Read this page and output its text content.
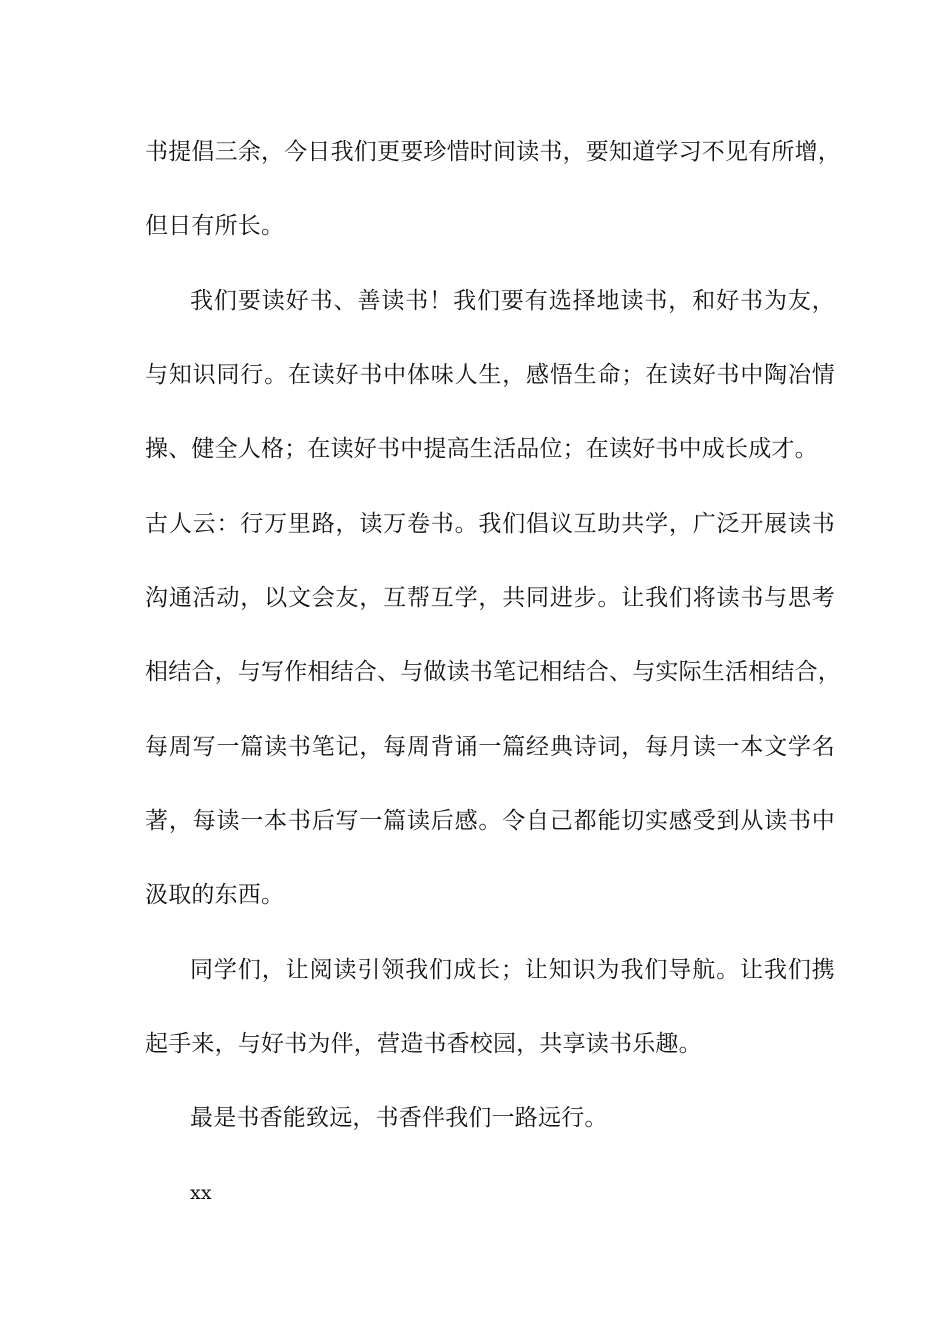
书提倡三余，今日我们更要珍惜时间读书，要知道学习不见有所增，
但日有所长。
我们要读好书、善读书！我们要有选择地读书，和好书为友，
与知识同行。在读好书中体味人生，感悟生命；在读好书中陶冶情
操、健全人格；在读好书中提高生活品位；在读好书中成长成才。
古人云：行万里路，读万卷书。我们倡议互助共学，广泛开展读书
沟通活动，以文会友，互帮互学，共同进步。让我们将读书与思考
相结合，与写作相结合、与做读书笔记相结合、与实际生活相结合，
每周写一篇读书笔记，每周背诵一篇经典诗词，每月读一本文学名
著，每读一本书后写一篇读后感。令自己都能切实感受到从读书中
汲取的东西。
同学们，让阅读引领我们成长；让知识为我们导航。让我们携
起手来，与好书为伴，营造书香校园，共享读书乐趣。
最是书香能致远，书香伴我们一路远行。
xx
